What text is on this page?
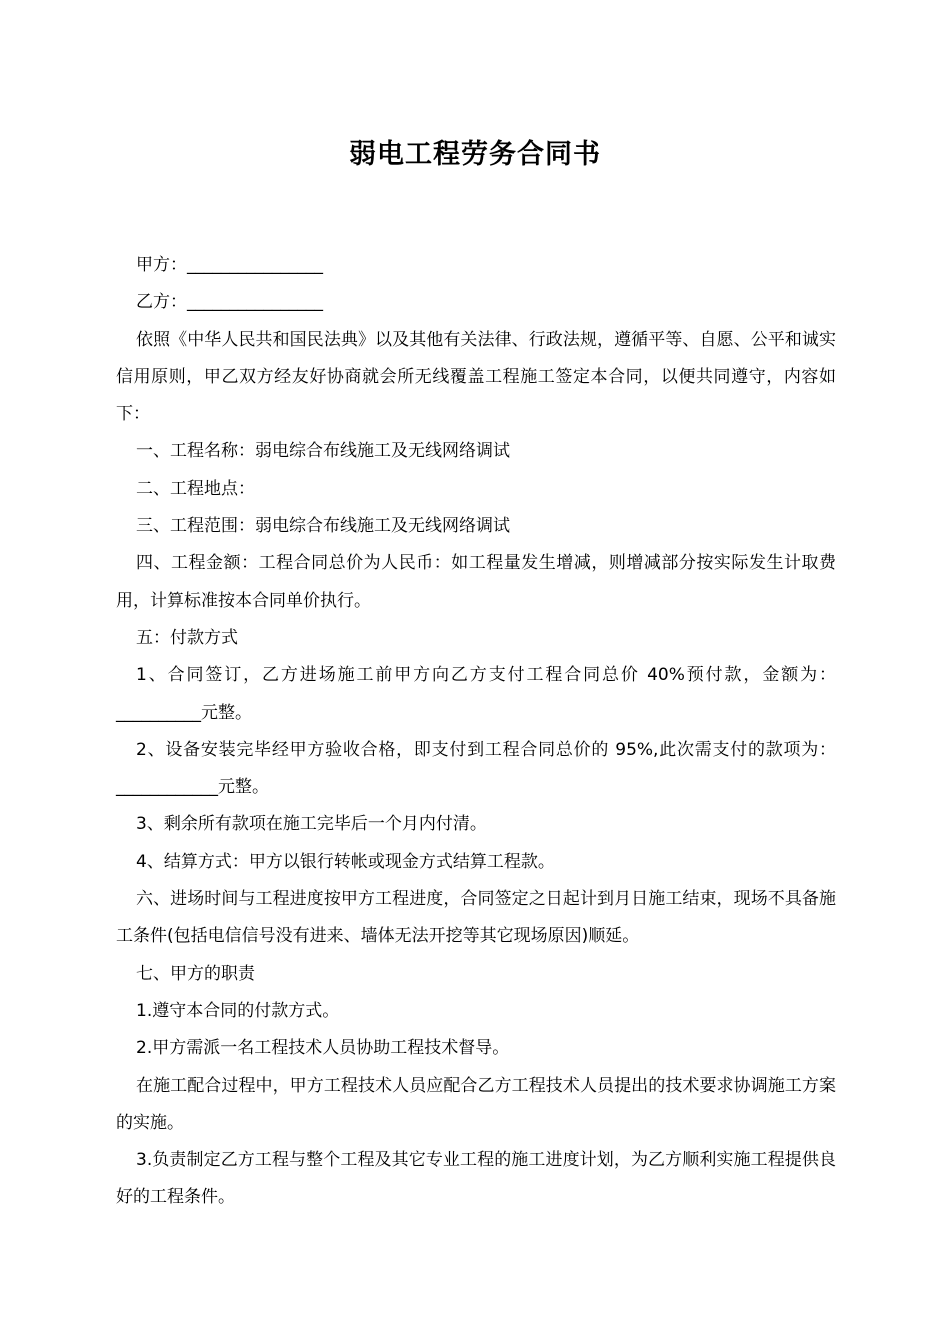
弱电工程劳务合同书

甲方：________________

乙方：________________

依照《中华人民共和国民法典》以及其他有关法律、行政法规，遵循平等、自愿、公平和诚实信用原则，甲乙双方经友好协商就会所无线覆盖工程施工签定本合同，以便共同遵守，内容如下：

一、工程名称：弱电综合布线施工及无线网络调试

二、工程地点：

三、工程范围：弱电综合布线施工及无线网络调试

四、工程金额：工程合同总价为人民币：如工程量发生增减，则增减部分按实际发生计取费用，计算标准按本合同单价执行。

五：付款方式

1、合同签订，乙方进场施工前甲方向乙方支付工程合同总价 40%预付款，金额为：__________元整。

2、设备安装完毕经甲方验收合格，即支付到工程合同总价的 95%,此次需支付的款项为：____________元整。

3、剩余所有款项在施工完毕后一个月内付清。

4、结算方式：甲方以银行转帐或现金方式结算工程款。

六、进场时间与工程进度按甲方工程进度，合同签定之日起计到月日施工结束，现场不具备施工条件(包括电信信号没有进来、墙体无法开挖等其它现场原因)顺延。

七、甲方的职责

1.遵守本合同的付款方式。

2.甲方需派一名工程技术人员协助工程技术督导。

在施工配合过程中，甲方工程技术人员应配合乙方工程技术人员提出的技术要求协调施工方案的实施。

3.负责制定乙方工程与整个工程及其它专业工程的施工进度计划，为乙方顺利实施工程提供良好的工程条件。
